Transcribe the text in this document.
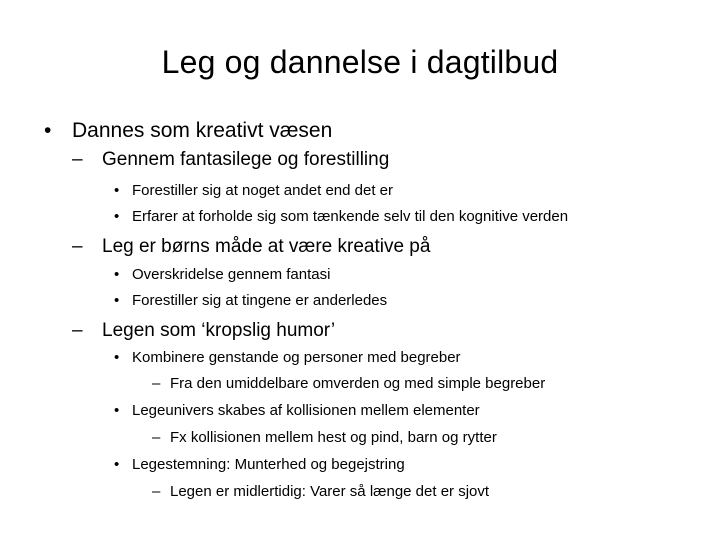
Leg og dannelse i dagtilbud
• Dannes som kreativt væsen
– Gennem fantasilege og forestilling
• Forestiller sig at noget andet end det er
• Erfarer at forholde sig som tænkende selv til den kognitive verden
– Leg er børns måde at være kreative på
• Overskridelse gennem fantasi
• Forestiller sig at tingene er anderledes
– Legen som ‘kropslig humor’
• Kombinere genstande og personer med begreber
– Fra den umiddelbare omverden og med simple begreber
• Legeunivers skabes af kollisionen mellem elementer
– Fx kollisionen mellem hest og pind, barn og rytter
• Legestemning: Munterhed og begejstring
– Legen er midlertidig: Varer så længe det er sjovt
